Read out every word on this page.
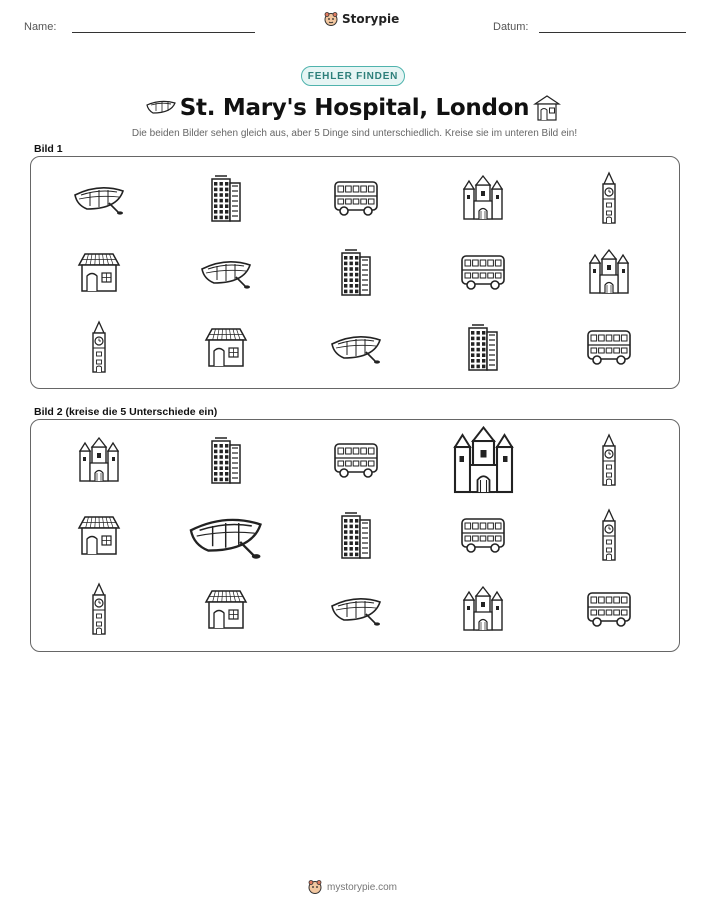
Name:
Storypie
Datum:
FEHLER FINDEN
St. Mary's Hospital, London
Die beiden Bilder sehen gleich aus, aber 5 Dinge sind unterschiedlich. Kreise sie im unteren Bild ein!
Bild 1
Bild 2 (kreise die 5 Unterschiede ein)
mystorypie.com
